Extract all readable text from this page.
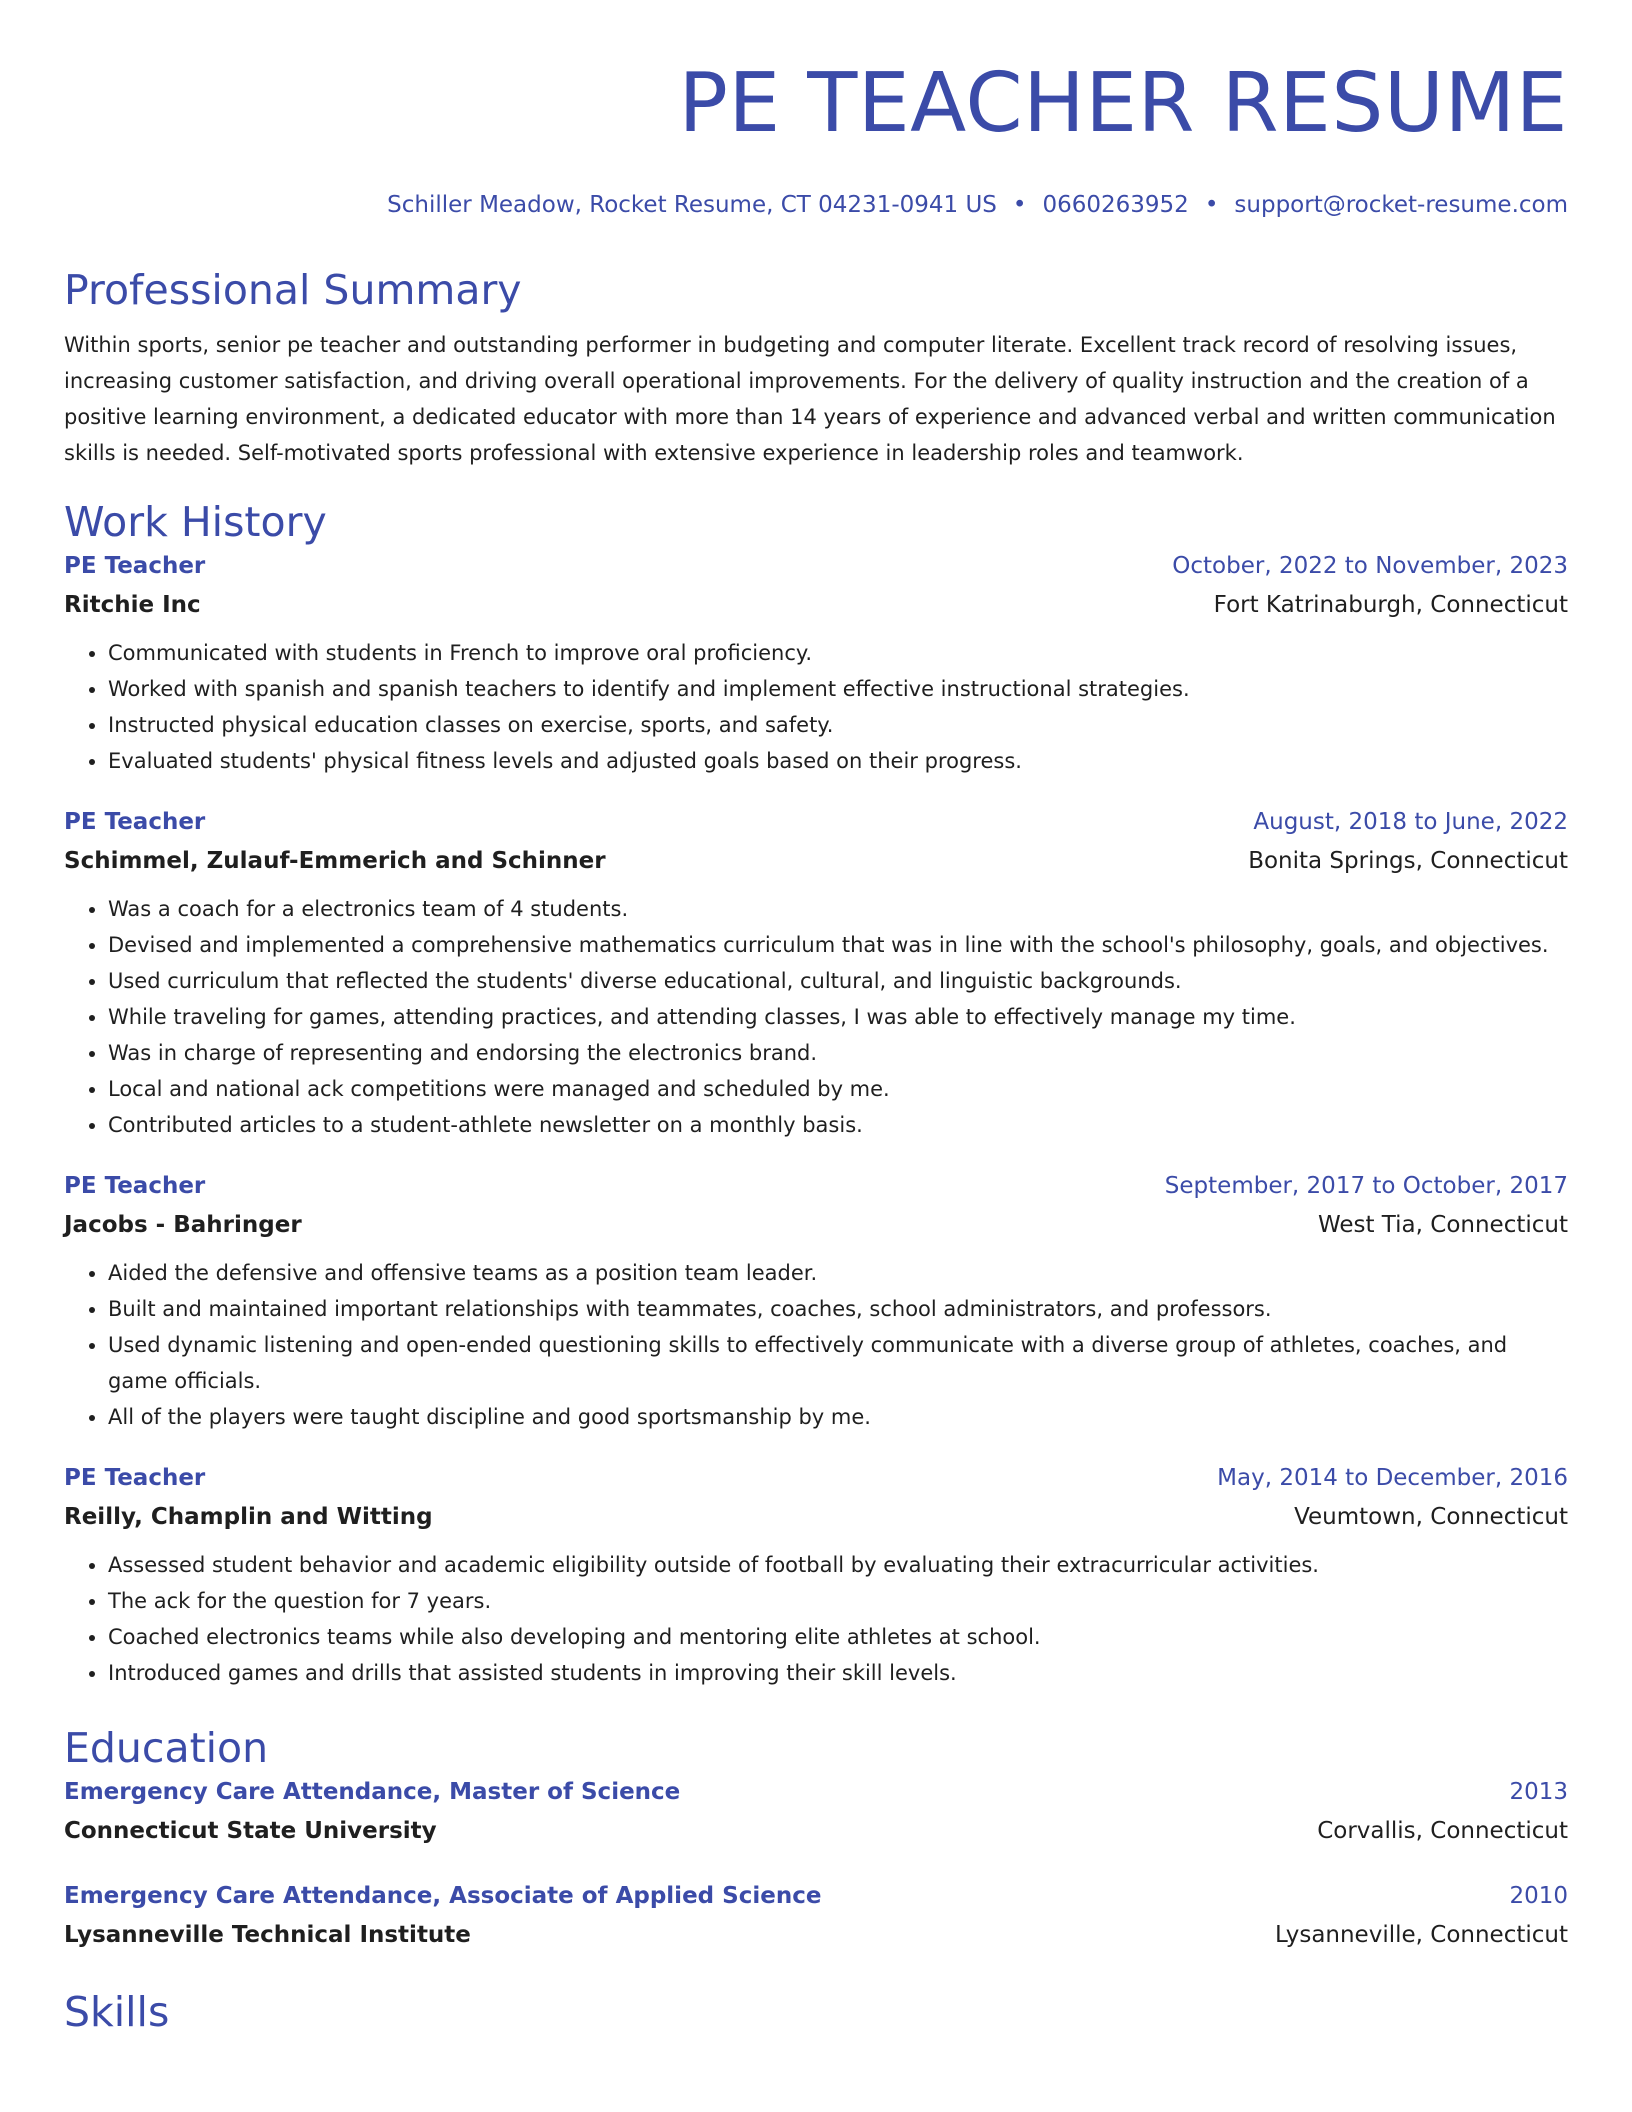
PE TEACHER RESUME
Schiller Meadow, Rocket Resume, CT 04231-0941 US • 0660263952 • support@rocket-resume.com
Professional Summary
Within sports, senior pe teacher and outstanding performer in budgeting and computer literate. Excellent track record of resolving issues, increasing customer satisfaction, and driving overall operational improvements. For the delivery of quality instruction and the creation of a positive learning environment, a dedicated educator with more than 14 years of experience and advanced verbal and written communication skills is needed. Self-motivated sports professional with extensive experience in leadership roles and teamwork.
Work History
PE Teacher	October, 2022 to November, 2023
Ritchie Inc	Fort Katrinaburgh, Connecticut
• Communicated with students in French to improve oral proficiency.
• Worked with spanish and spanish teachers to identify and implement effective instructional strategies.
• Instructed physical education classes on exercise, sports, and safety.
• Evaluated students' physical fitness levels and adjusted goals based on their progress.
PE Teacher	August, 2018 to June, 2022
Schimmel, Zulauf-Emmerich and Schinner	Bonita Springs, Connecticut
• Was a coach for a electronics team of 4 students.
• Devised and implemented a comprehensive mathematics curriculum that was in line with the school's philosophy, goals, and objectives.
• Used curriculum that reflected the students' diverse educational, cultural, and linguistic backgrounds.
• While traveling for games, attending practices, and attending classes, I was able to effectively manage my time.
• Was in charge of representing and endorsing the electronics brand.
• Local and national ack competitions were managed and scheduled by me.
• Contributed articles to a student-athlete newsletter on a monthly basis.
PE Teacher	September, 2017 to October, 2017
Jacobs - Bahringer	West Tia, Connecticut
• Aided the defensive and offensive teams as a position team leader.
• Built and maintained important relationships with teammates, coaches, school administrators, and professors.
• Used dynamic listening and open-ended questioning skills to effectively communicate with a diverse group of athletes, coaches, and game officials.
• All of the players were taught discipline and good sportsmanship by me.
PE Teacher	May, 2014 to December, 2016
Reilly, Champlin and Witting	Veumtown, Connecticut
• Assessed student behavior and academic eligibility outside of football by evaluating their extracurricular activities.
• The ack for the question for 7 years.
• Coached electronics teams while also developing and mentoring elite athletes at school.
• Introduced games and drills that assisted students in improving their skill levels.
Education
Emergency Care Attendance, Master of Science	2013
Connecticut State University	Corvallis, Connecticut
Emergency Care Attendance, Associate of Applied Science	2010
Lysanneville Technical Institute	Lysanneville, Connecticut
Skills
